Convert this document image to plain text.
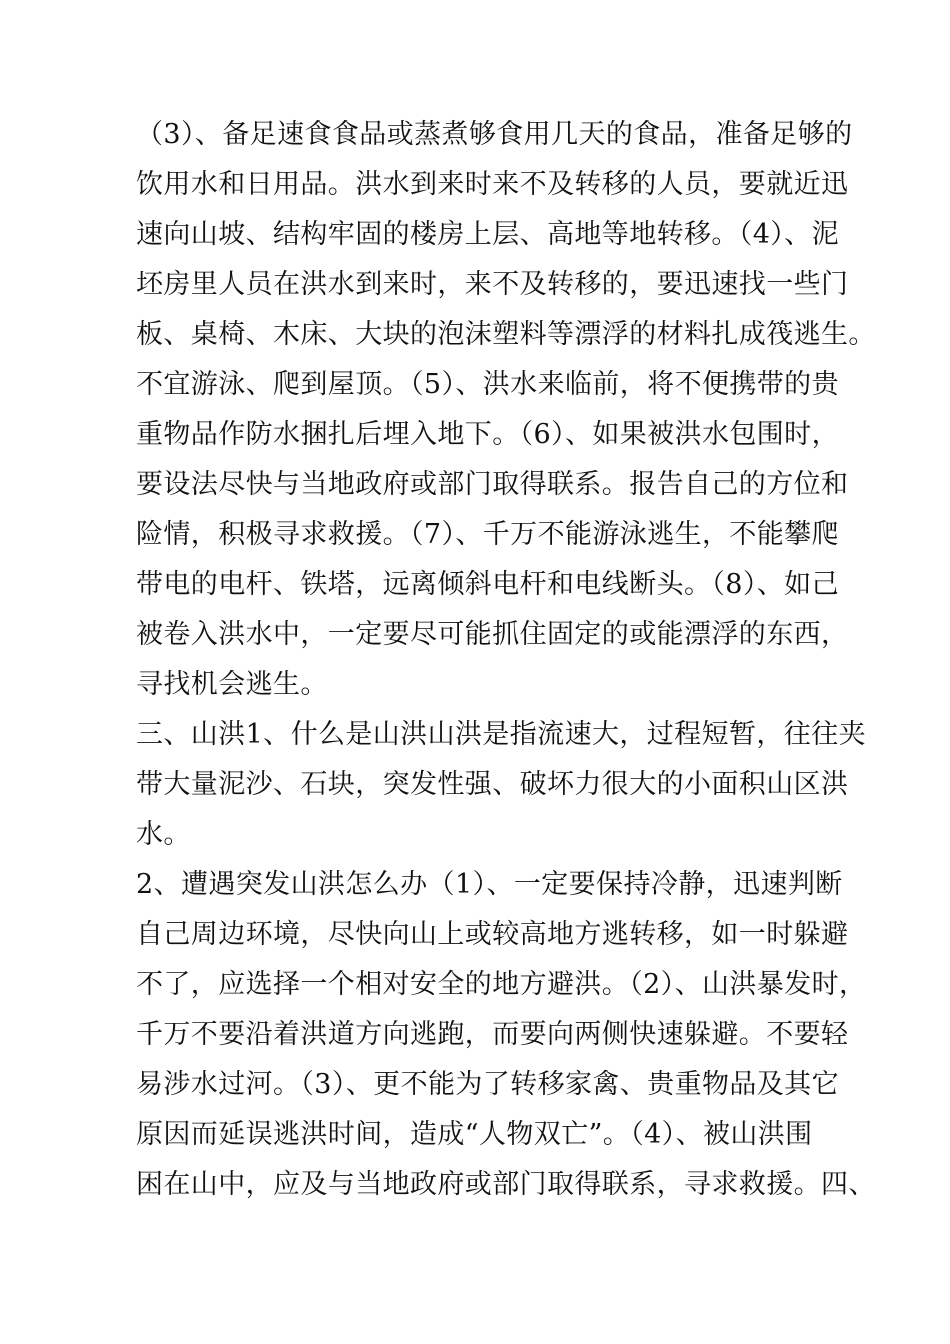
（3）、备足速食食品或蒸煮够食用几天的食品，准备足够的
饮用水和日用品。洪水到来时来不及转移的人员，要就近迅
速向山坡、结构牢固的楼房上层、高地等地转移。（4）、泥
坯房里人员在洪水到来时，来不及转移的，要迅速找一些门
板、桌椅、木床、大块的泡沫塑料等漂浮的材料扎成筏逃生。
不宜游泳、爬到屋顶。（5）、洪水来临前，将不便携带的贵
重物品作防水捆扎后埋入地下。（6）、如果被洪水包围时，
要设法尽快与当地政府或部门取得联系。报告自己的方位和
险情，积极寻求救援。（7）、千万不能游泳逃生，不能攀爬
带电的电杆、铁塔，远离倾斜电杆和电线断头。（8）、如己
被卷入洪水中，一定要尽可能抓住固定的或能漂浮的东西，
寻找机会逃生。
三、山洪1、什么是山洪山洪是指流速大，过程短暂，往往夹
带大量泥沙、石块，突发性强、破坏力很大的小面积山区洪
水。
2、遭遇突发山洪怎么办（1）、一定要保持冷静，迅速判断
自己周边环境，尽快向山上或较高地方逃转移，如一时躲避
不了，应选择一个相对安全的地方避洪。（2）、山洪暴发时，
千万不要沿着洪道方向逃跑，而要向两侧快速躲避。不要轻
易涉水过河。（3）、更不能为了转移家禽、贵重物品及其它
原因而延误逃洪时间，造成“人物双亡”。（4）、被山洪围
困在山中，应及与当地政府或部门取得联系，寻求救援。四、
